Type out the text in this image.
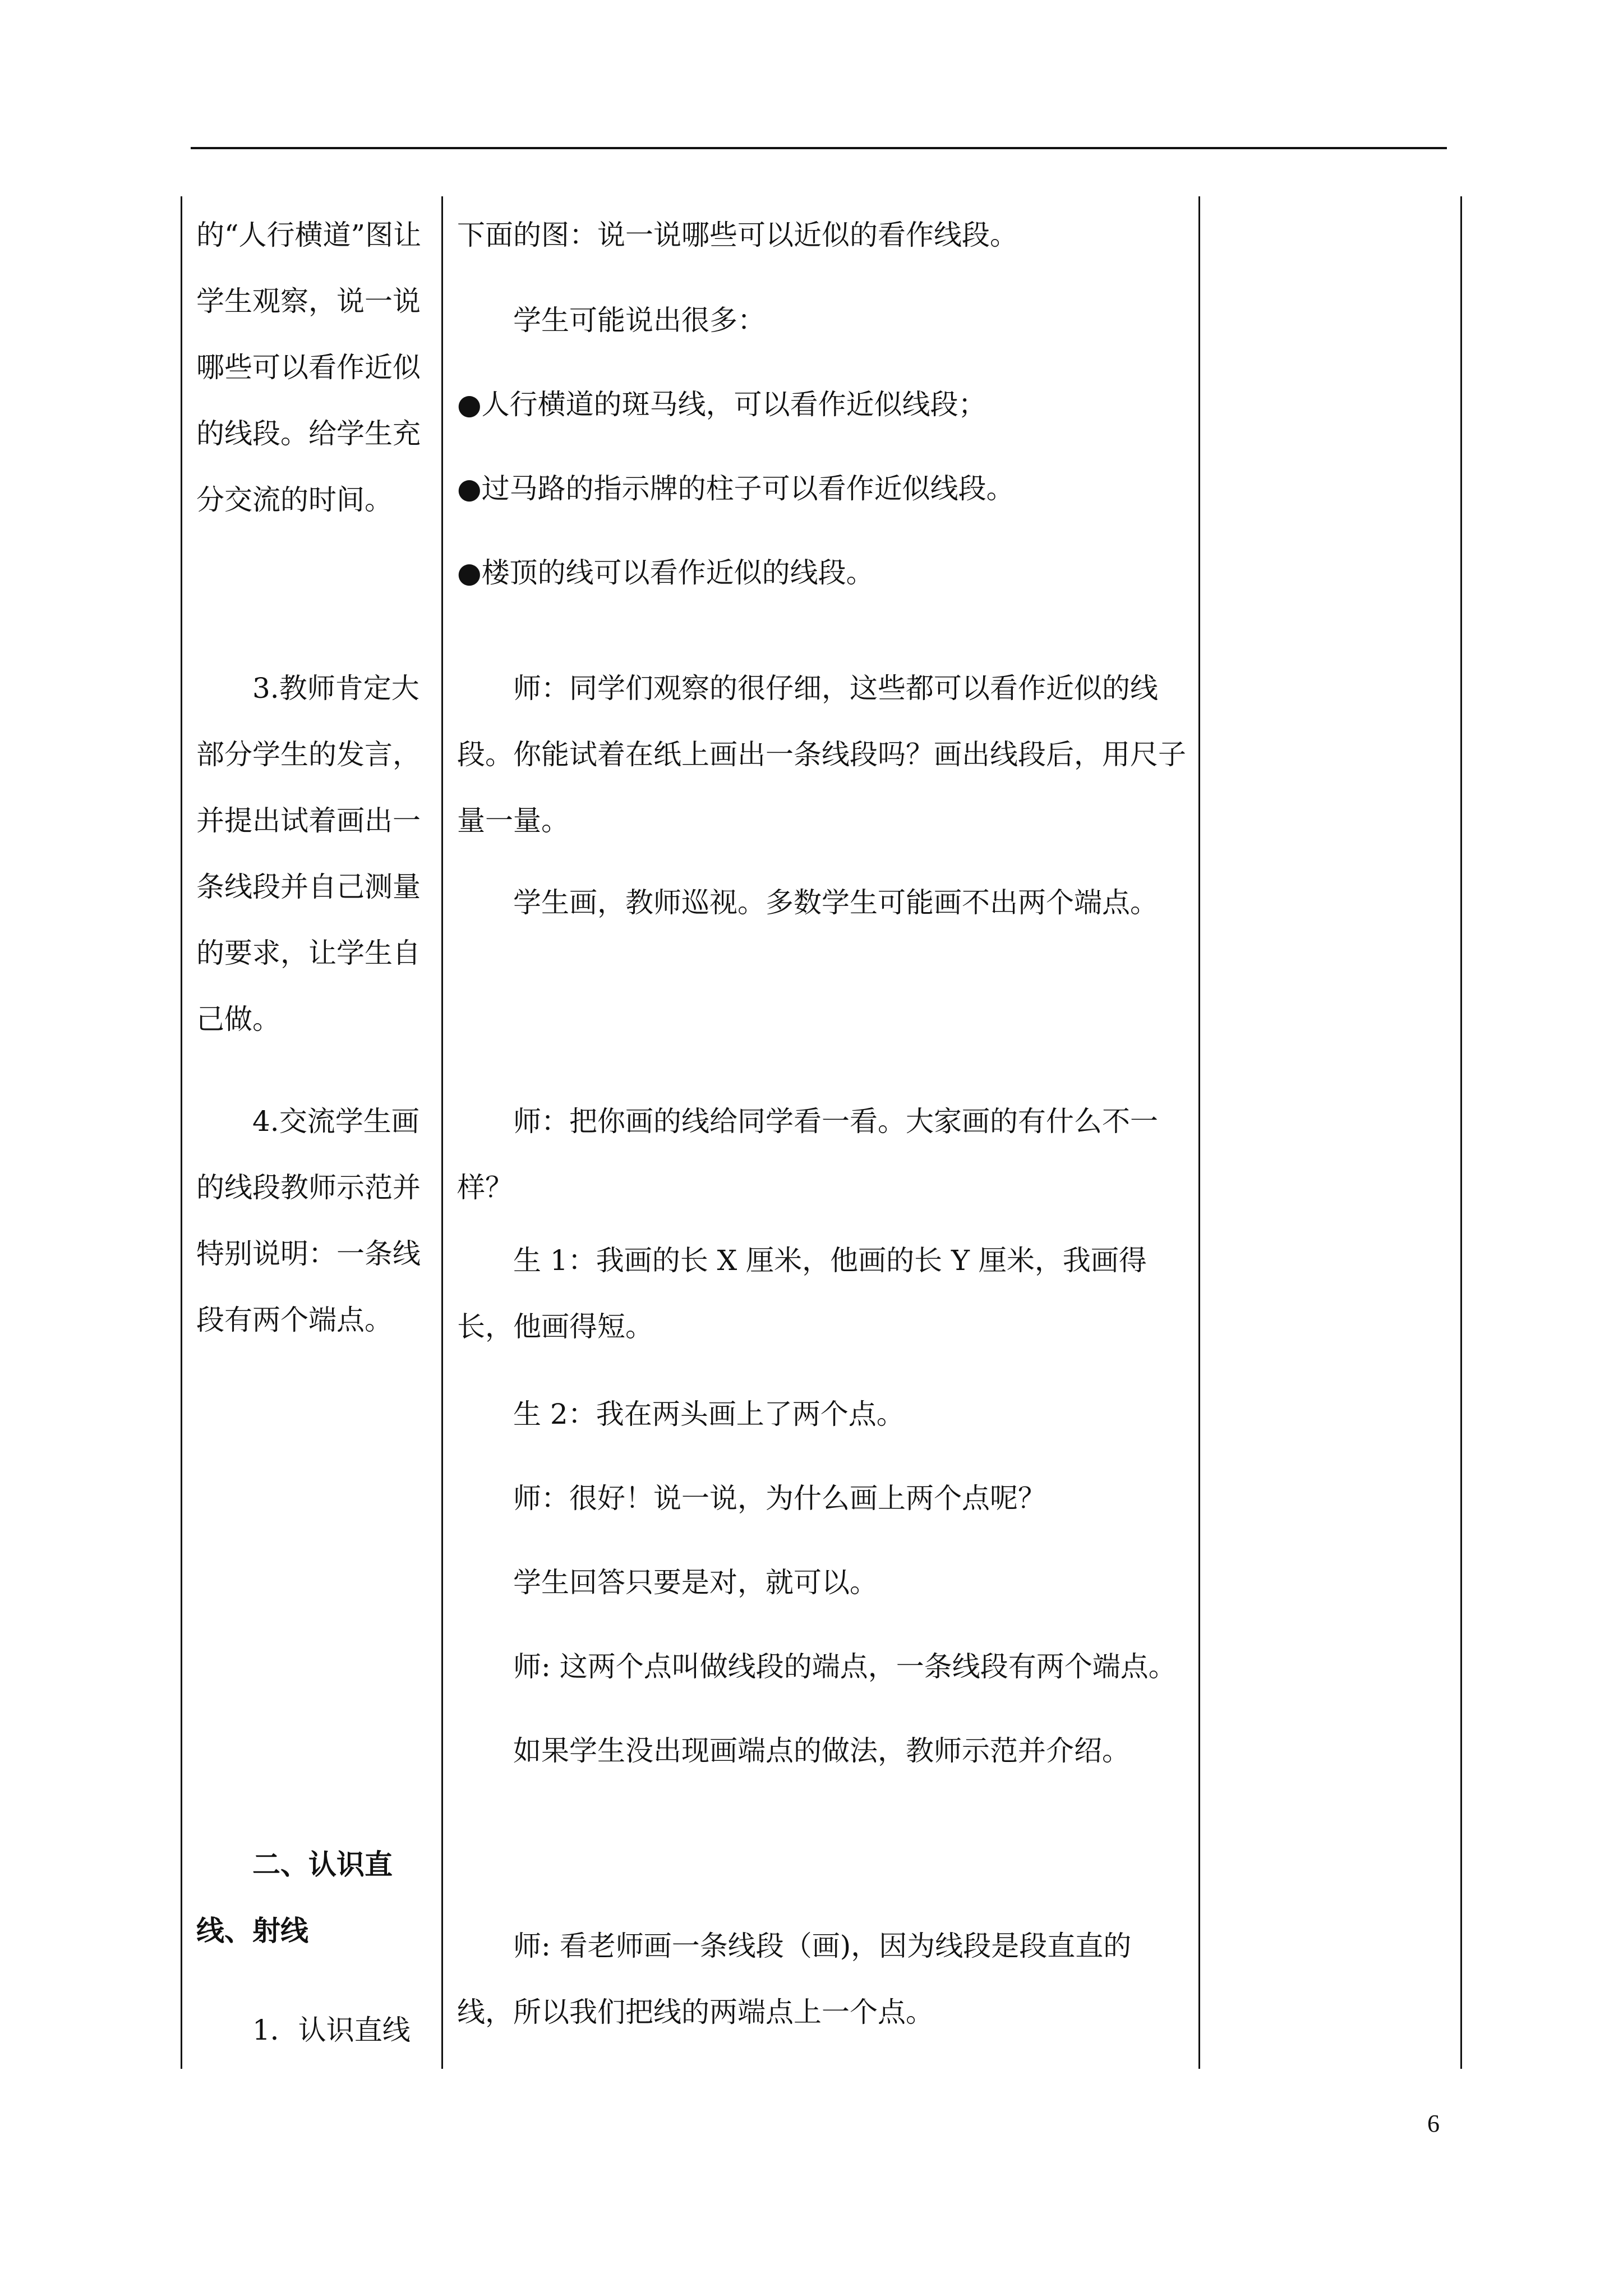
的“人行横道”图让学生观察，说一说哪些可以看作近似的线段。给学生充分交流的时间。

　　3.教师肯定大部分学生的发言，并提出试着画出一条线段并自己测量的要求，让学生自己做。

　　4.交流学生画的线段教师示范并特别说明：一条线段有两个端点。

　　二、认识直线、射线

　　1．认识直线

下面的图：说一说哪些可以近似的看作线段。

　　学生可能说出很多：

●人行横道的斑马线，可以看作近似线段；

●过马路的指示牌的柱子可以看作近似线段。

●楼顶的线可以看作近似的线段。

　　师：同学们观察的很仔细，这些都可以看作近似的线段。你能试着在纸上画出一条线段吗？画出线段后，用尺子量一量。

　　学生画，教师巡视。多数学生可能画不出两个端点。

　　师：把你画的线给同学看一看。大家画的有什么不一样？

　　生 1：我画的长 X 厘米，他画的长 Y 厘米，我画得长，他画得短。

　　生 2：我在两头画上了两个点。

　　师：很好！说一说，为什么画上两个点呢？

　　学生回答只要是对，就可以。

　　师: 这两个点叫做线段的端点，一条线段有两个端点。

　　如果学生没出现画端点的做法，教师示范并介绍。

　　师: 看老师画一条线段（画)，因为线段是段直直的线，所以我们把线的两端点上一个点。

6
